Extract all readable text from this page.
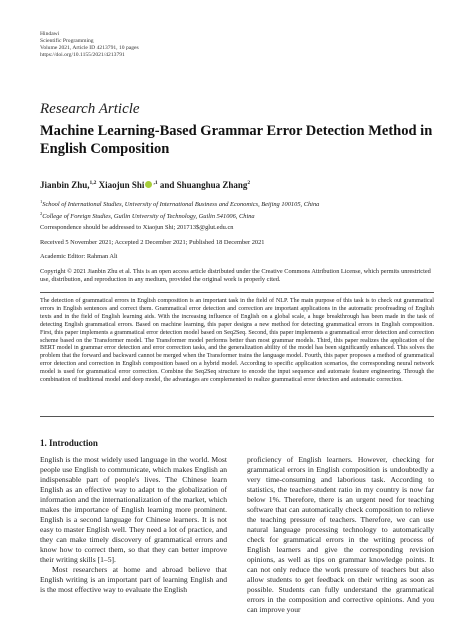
Hindawi
Scientific Programming
Volume 2021, Article ID 4213791, 10 pages
https://doi.org/10.1155/2021/4213791
Research Article
Machine Learning-Based Grammar Error Detection Method in English Composition
Jianbin Zhu,$^{1,2}$ Xiaojun Shi $^{,1}$ and Shuanghua Zhang$^2$
$^1$School of International Studies, University of International Business and Economics, Beijing 100105, China
$^2$College of Foreign Studies, Guilin University of Technology, Guilin 541006, China
Correspondence should be addressed to Xiaojun Shi; 201713$@glut.edu.cn
Received 5 November 2021; Accepted 2 December 2021; Published 18 December 2021
Academic Editor: Rahman Ali
Copyright © 2021 Jianbin Zhu et al. This is an open access article distributed under the Creative Commons Attribution License, which permits unrestricted use, distribution, and reproduction in any medium, provided the original work is properly cited.
The detection of grammatical errors in English composition is an important task in the field of NLP. The main purpose of this task is to check out grammatical errors in English sentences and correct them. Grammatical error detection and correction are important applications in the automatic proofreading of English texts and in the field of English learning aids. With the increasing influence of English on a global scale, a huge breakthrough has been made in the task of detecting English grammatical errors. Based on machine learning, this paper designs a new method for detecting grammatical errors in English composition. First, this paper implements a grammatical error detection model based on Seq2Seq. Second, this paper implements a grammatical error detection and correction scheme based on the Transformer model. The Transformer model performs better than most grammar models. Third, this paper realizes the application of the BERT model in grammar error detection and error correction tasks, and the generalization ability of the model has been significantly enhanced. This solves the problem that the forward and backward cannot be merged when the Transformer trains the language model. Fourth, this paper proposes a method of grammatical error detection and correction in English composition based on a hybrid model. According to specific application scenarios, the corresponding neural network model is used for grammatical error correction. Combine the Seq2Seq structure to encode the input sequence and automate feature engineering. Through the combination of traditional model and deep model, the advantages are complemented to realize grammatical error detection and automatic correction.
1. Introduction

English is the most widely used language in the world. Most people use English to communicate, which makes English an indispensable part of people's lives. The Chinese learn English as an effective way to adapt to the globalization of information and the internationalization of the market, which makes the importance of English learning more prominent. English is a second language for Chinese learners. It is not easy to master English well. They need a lot of practice, and they can make timely discovery of grammatical errors and know how to correct them, so that they can better improve their writing skills [1–5].

Most researchers at home and abroad believe that English writing is an important part of learning English and is the most effective way to evaluate the English

proficiency of English learners. However, checking for grammatical errors in English composition is undoubtedly a very time-consuming and laborious task. According to statistics, the teacher-student ratio in my country is now far below 1%. Therefore, there is an urgent need for teaching software that can automatically check composition to relieve the teaching pressure of teachers. Therefore, we can use natural language processing technology to automatically check for grammatical errors in the writing process of English learners and give the corresponding revision opinions, as well as tips on grammar knowledge points. It can not only reduce the work pressure of teachers but also allow students to get feedback on their writing as soon as possible. Students can fully understand the grammatical errors in the composition and corrective opinions. And you can improve your
